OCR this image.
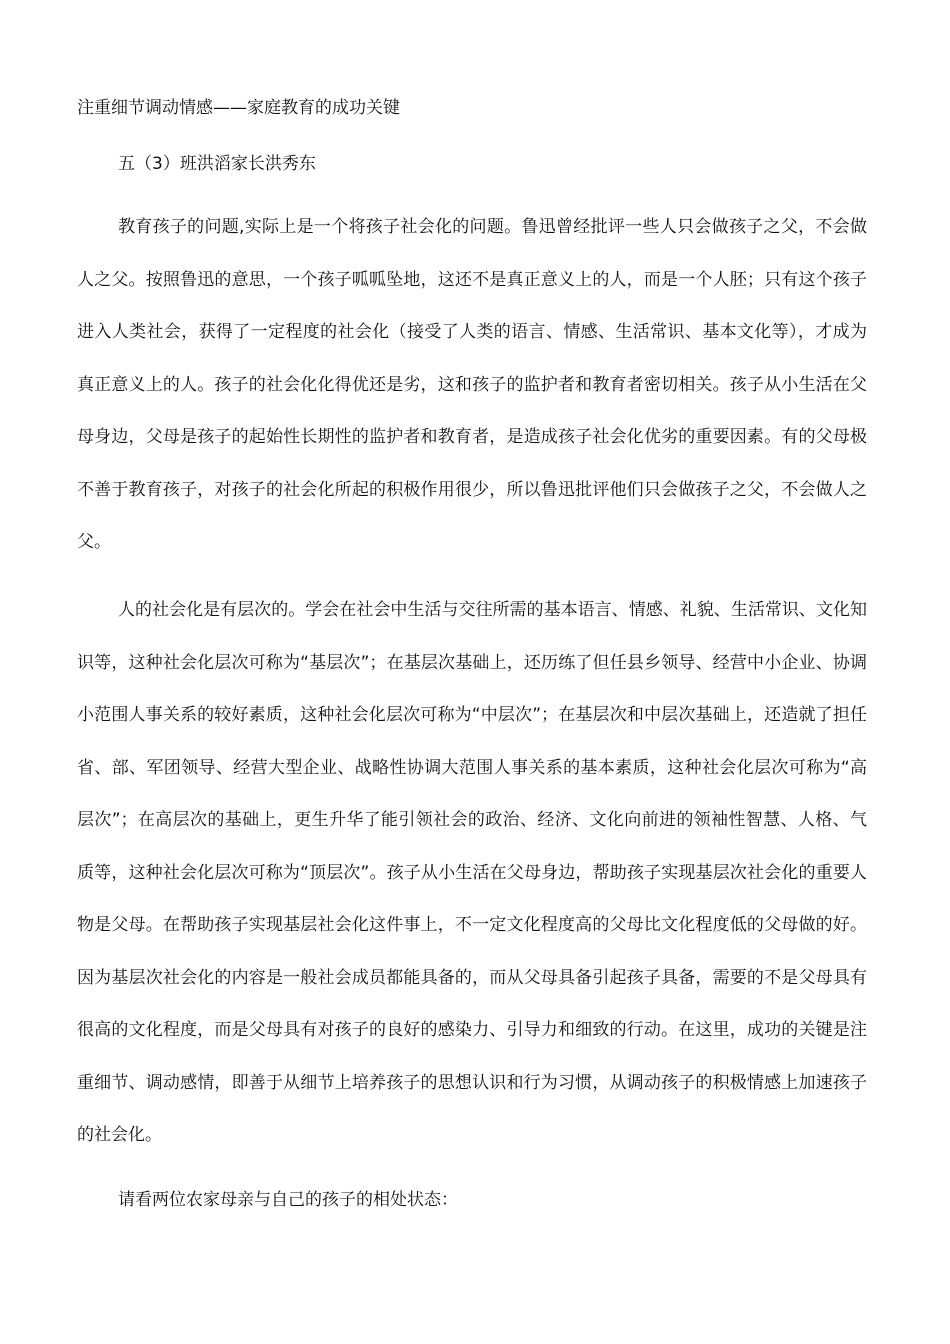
注重细节调动情感——家庭教育的成功关键
五（3）班洪滔家长洪秀东

教育孩子的问题,实际上是一个将孩子社会化的问题。鲁迅曾经批评一些人只会做孩子之父，不会做人之父。按照鲁迅的意思，一个孩子呱呱坠地，这还不是真正意义上的人，而是一个人胚；只有这个孩子进入人类社会，获得了一定程度的社会化（接受了人类的语言、情感、生活常识、基本文化等），才成为真正意义上的人。孩子的社会化化得优还是劣，这和孩子的监护者和教育者密切相关。孩子从小生活在父母身边，父母是孩子的起始性长期性的监护者和教育者，是造成孩子社会化优劣的重要因素。有的父母极不善于教育孩子，对孩子的社会化所起的积极作用很少，所以鲁迅批评他们只会做孩子之父，不会做人之父。

人的社会化是有层次的。学会在社会中生活与交往所需的基本语言、情感、礼貌、生活常识、文化知识等，这种社会化层次可称为“基层次”；在基层次基础上，还历练了但任县乡领导、经营中小企业、协调小范围人事关系的较好素质，这种社会化层次可称为“中层次”；在基层次和中层次基础上，还造就了担任省、部、军团领导、经营大型企业、战略性协调大范围人事关系的基本素质，这种社会化层次可称为“高层次”；在高层次的基础上，更生升华了能引领社会的政治、经济、文化向前进的领袖性智慧、人格、气质等，这种社会化层次可称为“顶层次”。孩子从小生活在父母身边，帮助孩子实现基层次社会化的重要人物是父母。在帮助孩子实现基层社会化这件事上，不一定文化程度高的父母比文化程度低的父母做的好。因为基层次社会化的内容是一般社会成员都能具备的，而从父母具备引起孩子具备，需要的不是父母具有很高的文化程度，而是父母具有对孩子的良好的感染力、引导力和细致的行动。在这里，成功的关键是注重细节、调动感情，即善于从细节上培养孩子的思想认识和行为习惯，从调动孩子的积极情感上加速孩子的社会化。

请看两位农家母亲与自己的孩子的相处状态：
